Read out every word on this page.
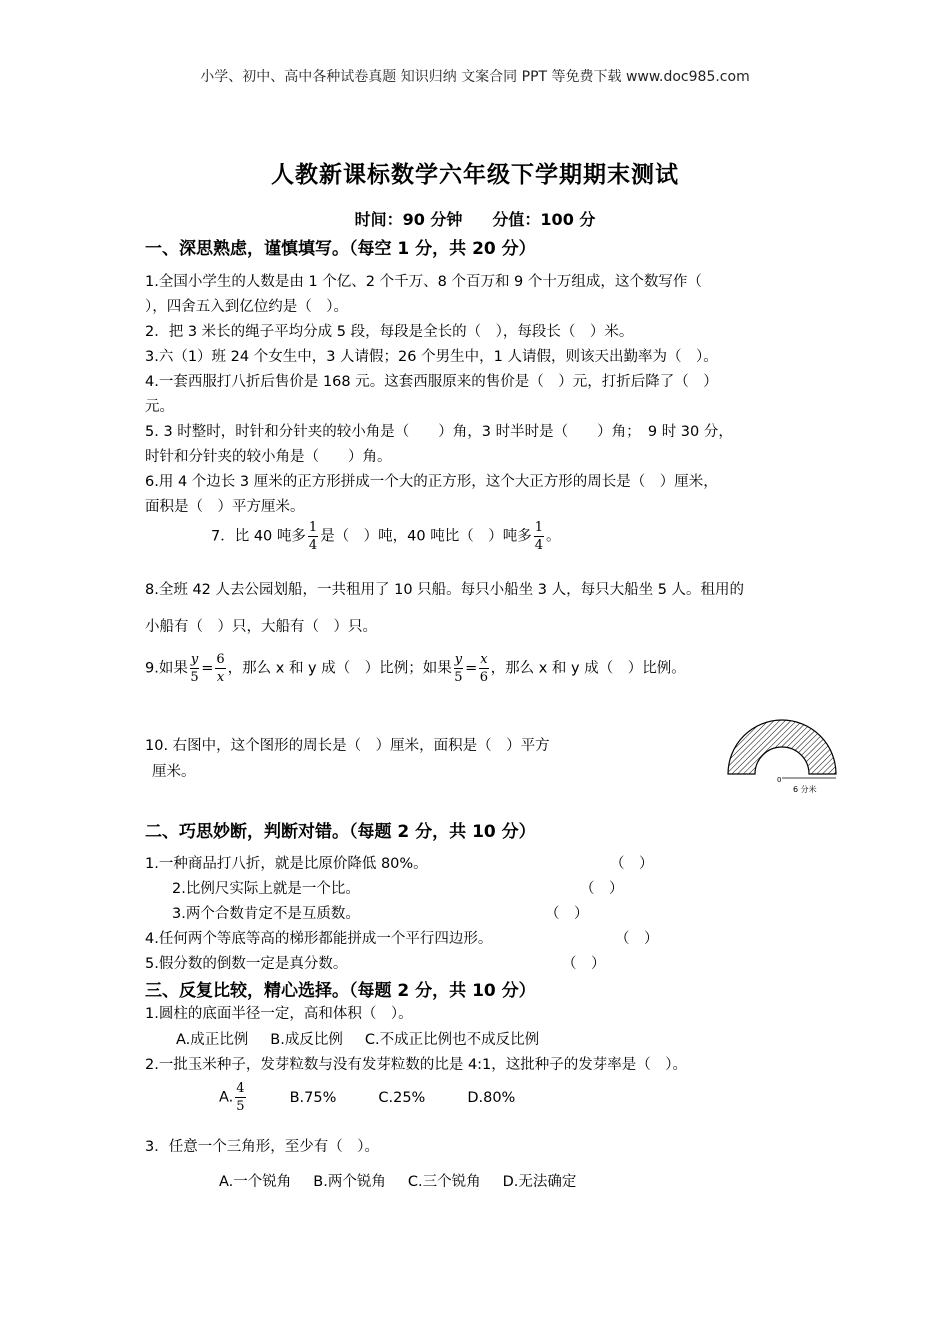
小学、初中、高中各种试卷真题 知识归纳 文案合同 PPT 等免费下载 www.doc985.com
人教新课标数学六年级下学期期末测试
时间：90 分钟 分值：100 分
一、深思熟虑，谨慎填写。（每空 1 分，共 20 分）
1.全国小学生的人数是由 1 个亿、2 个千万、8 个百万和 9 个十万组成，这个数写作（
），四舍五入到亿位约是（　）。
2．把 3 米长的绳子平均分成 5 段，每段是全长的（　），每段长（　）米。
3.六（1）班 24 个女生中，3 人请假；26 个男生中，1 人请假，则该天出勤率为（　）。
4.一套西服打八折后售价是 168 元。这套西服原来的售价是（　）元，打折后降了（　）
元。
5. 3 时整时，时针和分针夹的较小角是（　　）角，3 时半时是（　　）角；　9 时 30 分，
时针和分针夹的较小角是（　　）角。
6.用 4 个边长 3 厘米的正方形拼成一个大的正方形，这个大正方形的周长是（　）厘米，
面积是（　）平方厘米。
7．比 40 吨多 $\frac{1}{4}$ 是（　）吨，40 吨比（　）吨多 $\frac{1}{4}$ 。
8.全班 42 人去公园划船，一共租用了 10 只船。每只小船坐 3 人，每只大船坐 5 人。租用的
小船有（　）只，大船有（　）只。
9.如果 $\frac{y}{5} = \frac{6}{x}$ ，那么 x 和 y 成（　）比例；如果 $\frac{y}{5} = \frac{x}{6}$ ，那么 x 和 y 成（　）比例。
10. 右图中，这个图形的周长是（　）厘米，面积是（　）平方
厘米。	0
6 分米
二、巧思妙断，判断对错。（每题 2 分，共 10 分）
1.一种商品打八折，就是比原价降低 80%。	（　）
2.比例尺实际上就是一个比。	（　）
3.两个合数肯定不是互质数。	（　）
4.任何两个等底等高的梯形都能拼成一个平行四边形。	（　）
5.假分数的倒数一定是真分数。	（　）
三、反复比较，精心选择。（每题 2 分，共 10 分）
1.圆柱的底面半径一定，高和体积（　）。
A.成正比例 B.成反比例 C.不成正比例也不成反比例
2.一批玉米种子，发芽粒数与没有发芽粒数的比是 4:1，这批种子的发芽率是（　）。
A. $\frac{4}{5}$	B.75%	C.25%	D.80%
3．任意一个三角形，至少有（　）。
A.一个锐角 B.两个锐角 C.三个锐角 D.无法确定
